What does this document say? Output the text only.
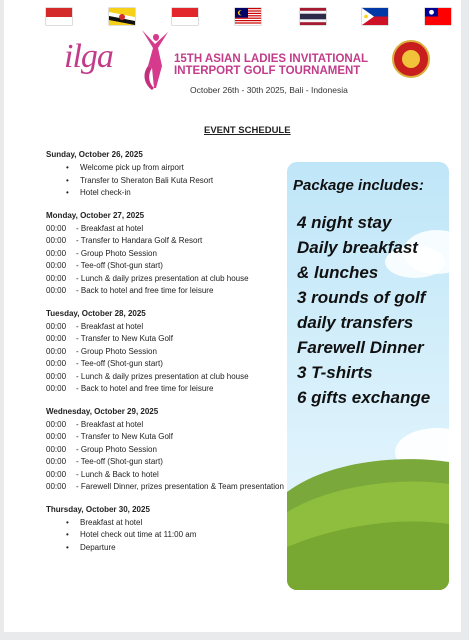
ilga	15TH ASIAN LADIES INVITATIONAL
INTERPORT GOLF TOURNAMENT
October 26th - 30th 2025, Bali - Indonesia
EVENT SCHEDULE
Sunday, October 26, 2025
• Welcome pick up from airport
• Transfer to Sheraton Bali Kuta Resort
• Hotel check-in
Monday, October 27, 2025
00:00 - Breakfast at hotel
00:00 - Transfer to Handara Golf & Resort
00:00 - Group Photo Session
00:00 - Tee-off (Shot-gun start)
00:00 - Lunch & daily prizes presentation at club house
00:00 - Back to hotel and free time for leisure
Tuesday, October 28, 2025
00:00 - Breakfast at hotel
00:00 - Transfer to New Kuta Golf
00:00 - Group Photo Session
00:00 - Tee-off (Shot-gun start)
00:00 - Lunch & daily prizes presentation at club house
00:00 - Back to hotel and free time for leisure
Wednesday, October 29, 2025
00:00 - Breakfast at hotel
00:00 - Transfer to New Kuta Golf
00:00 - Group Photo Session
00:00 - Tee-off (Shot-gun start)
00:00 - Lunch & Back to hotel
00:00 - Farewell Dinner, prizes presentation & Team presentation
Thursday, October 30, 2025
• Breakfast at hotel
• Hotel check out time at 11:00 am
• Departure
Package includes:
4 night stay
Daily breakfast
& lunches
3 rounds of golf
daily transfers
Farewell Dinner
3 T-shirts
6 gifts exchange
